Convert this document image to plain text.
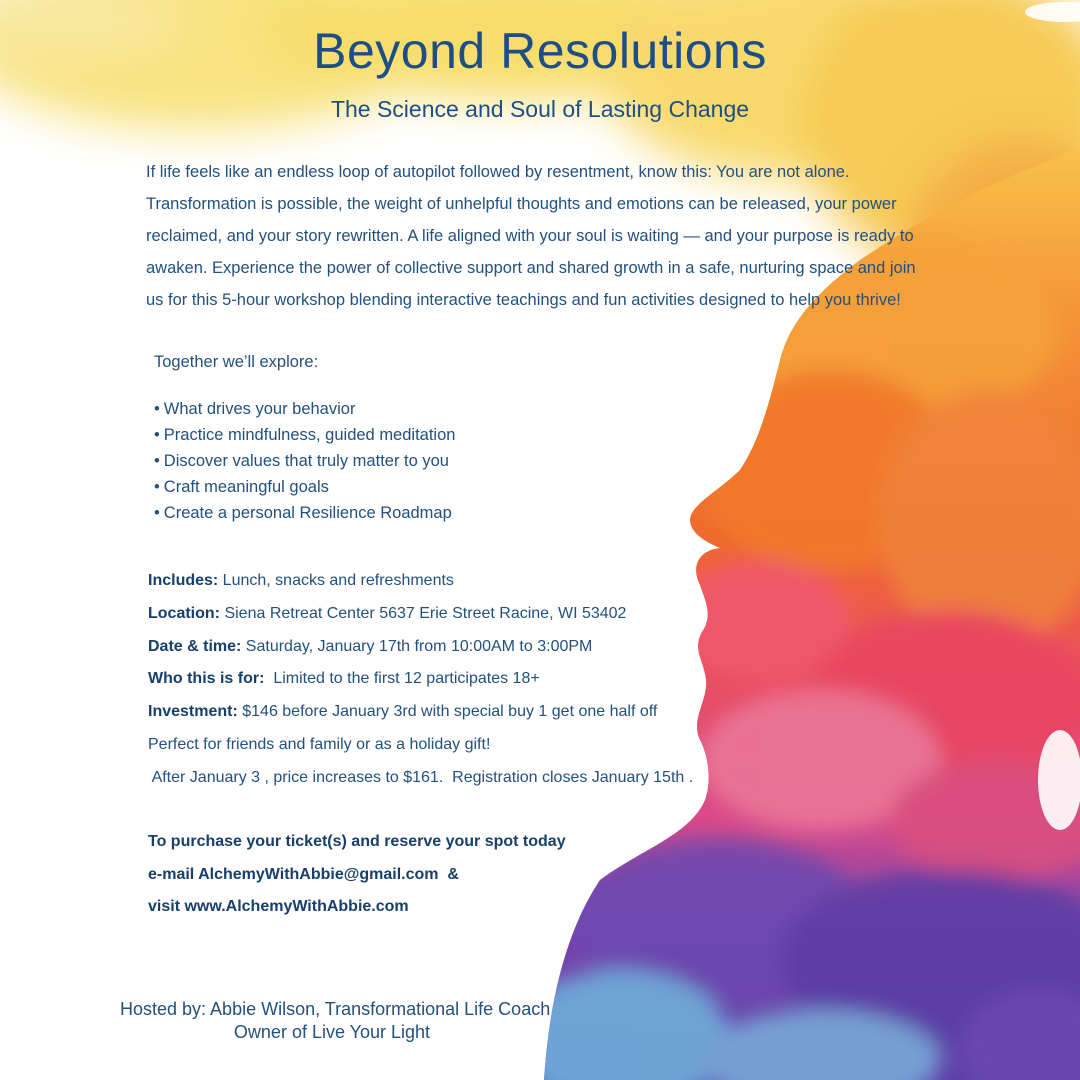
Beyond Resolutions
The Science and Soul of Lasting Change

If life feels like an endless loop of autopilot followed by resentment, know this: You are not alone. Transformation is possible, the weight of unhelpful thoughts and emotions can be released, your power reclaimed, and your story rewritten. A life aligned with your soul is waiting — and your purpose is ready to awaken. Experience the power of collective support and shared growth in a safe, nurturing space and join us for this 5-hour workshop blending interactive teachings and fun activities designed to help you thrive!

Together we’ll explore:

• What drives your behavior
• Practice mindfulness, guided meditation
• Discover values that truly matter to you
• Craft meaningful goals
• Create a personal Resilience Roadmap
Includes: Lunch, snacks and refreshments
Location: Siena Retreat Center 5637 Erie Street Racine, WI 53402
Date & time: Saturday, January 17th from 10:00AM to 3:00PM
Who this is for:  Limited to the first 12 participates 18+
Investment: $146 before January 3rd with special buy 1 get one half off
Perfect for friends and family or as a holiday gift!
After January 3 , price increases to $161.  Registration closes January 15th .
To purchase your ticket(s) and reserve your spot today
e-mail AlchemyWithAbbie@gmail.com  &
visit www.AlchemyWithAbbie.com
Hosted by: Abbie Wilson, Transformational Life Coach
Owner of Live Your Light
